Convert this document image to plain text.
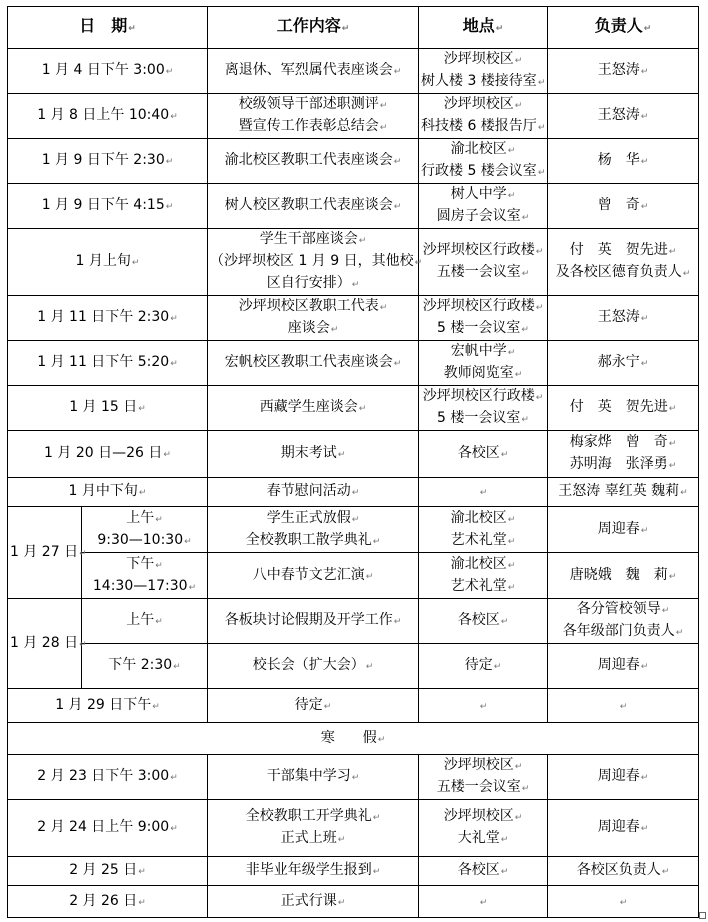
日　期↵		工作内容↵	地点↵	负责人↵

1 月 4 日下午 3:00↵		离退休、军烈属代表座谈会↵	沙坪坝校区↵
树人楼 3 楼接待室↵	王怒涛↵

1 月 8 日上午 10:40↵		校级领导干部述职测评↵
暨宣传工作表彰总结会↵	沙坪坝校区↵
科技楼 6 楼报告厅↵	王怒涛↵

1 月 9 日下午 2:30↵		渝北校区教职工代表座谈会↵	渝北校区↵
行政楼 5 楼会议室↵	杨　华↵

1 月 9 日下午 4:15↵		树人校区教职工代表座谈会↵	树人中学↵
圆房子会议室↵	曾　奇↵

1 月上旬↵		学生干部座谈会↵
（沙坪坝校区 1 月 9 日，其他校↵
区自行安排）↵	沙坪坝校区行政楼↵
五楼一会议室↵	付　英　贺先进↵
及各校区德育负责人↵

1 月 11 日下午 2:30↵		沙坪坝校区教职工代表↵
座谈会↵	沙坪坝校区行政楼↵
5 楼一会议室↵	王怒涛↵

1 月 11 日下午 5:20↵		宏帆校区教职工代表座谈会↵	宏帆中学↵
教师阅览室↵	郝永宁↵

1 月 15 日↵		西藏学生座谈会↵	沙坪坝校区行政楼↵
5 楼一会议室↵	付　英　贺先进↵

1 月 20 日—26 日↵		期末考试↵	各校区↵	梅家烨　曾　奇↵
苏明海　张泽勇↵

1 月中下旬↵		春节慰问活动↵	↵	王怒涛 辜红英 魏莉↵

1 月 27 日↵	上午↵
9:30—10:30↵	学生正式放假↵
全校教职工散学典礼↵	渝北校区↵
艺术礼堂↵	周迎春↵

	下午↵
14:30—17:30↵	八中春节文艺汇演↵	渝北校区↵
艺术礼堂↵	唐晓娥　魏　莉↵

1 月 28 日↵	上午↵	各板块讨论假期及开学工作↵	各校区↵	各分管校领导↵
各年级部门负责人↵

	下午 2:30↵	校长会（扩大会）↵	待定↵	周迎春↵

1 月 29 日下午↵		待定↵	↵	↵

寒　　假↵				

2 月 23 日下午 3:00↵		干部集中学习↵	沙坪坝校区↵
五楼一会议室↵	周迎春↵

2 月 24 日上午 9:00↵		全校教职工开学典礼↵
正式上班↵	沙坪坝校区↵
大礼堂↵	周迎春↵

2 月 25 日↵		非毕业年级学生报到↵	各校区↵	各校区负责人↵

2 月 26 日↵		正式行课↵	↵	↵
